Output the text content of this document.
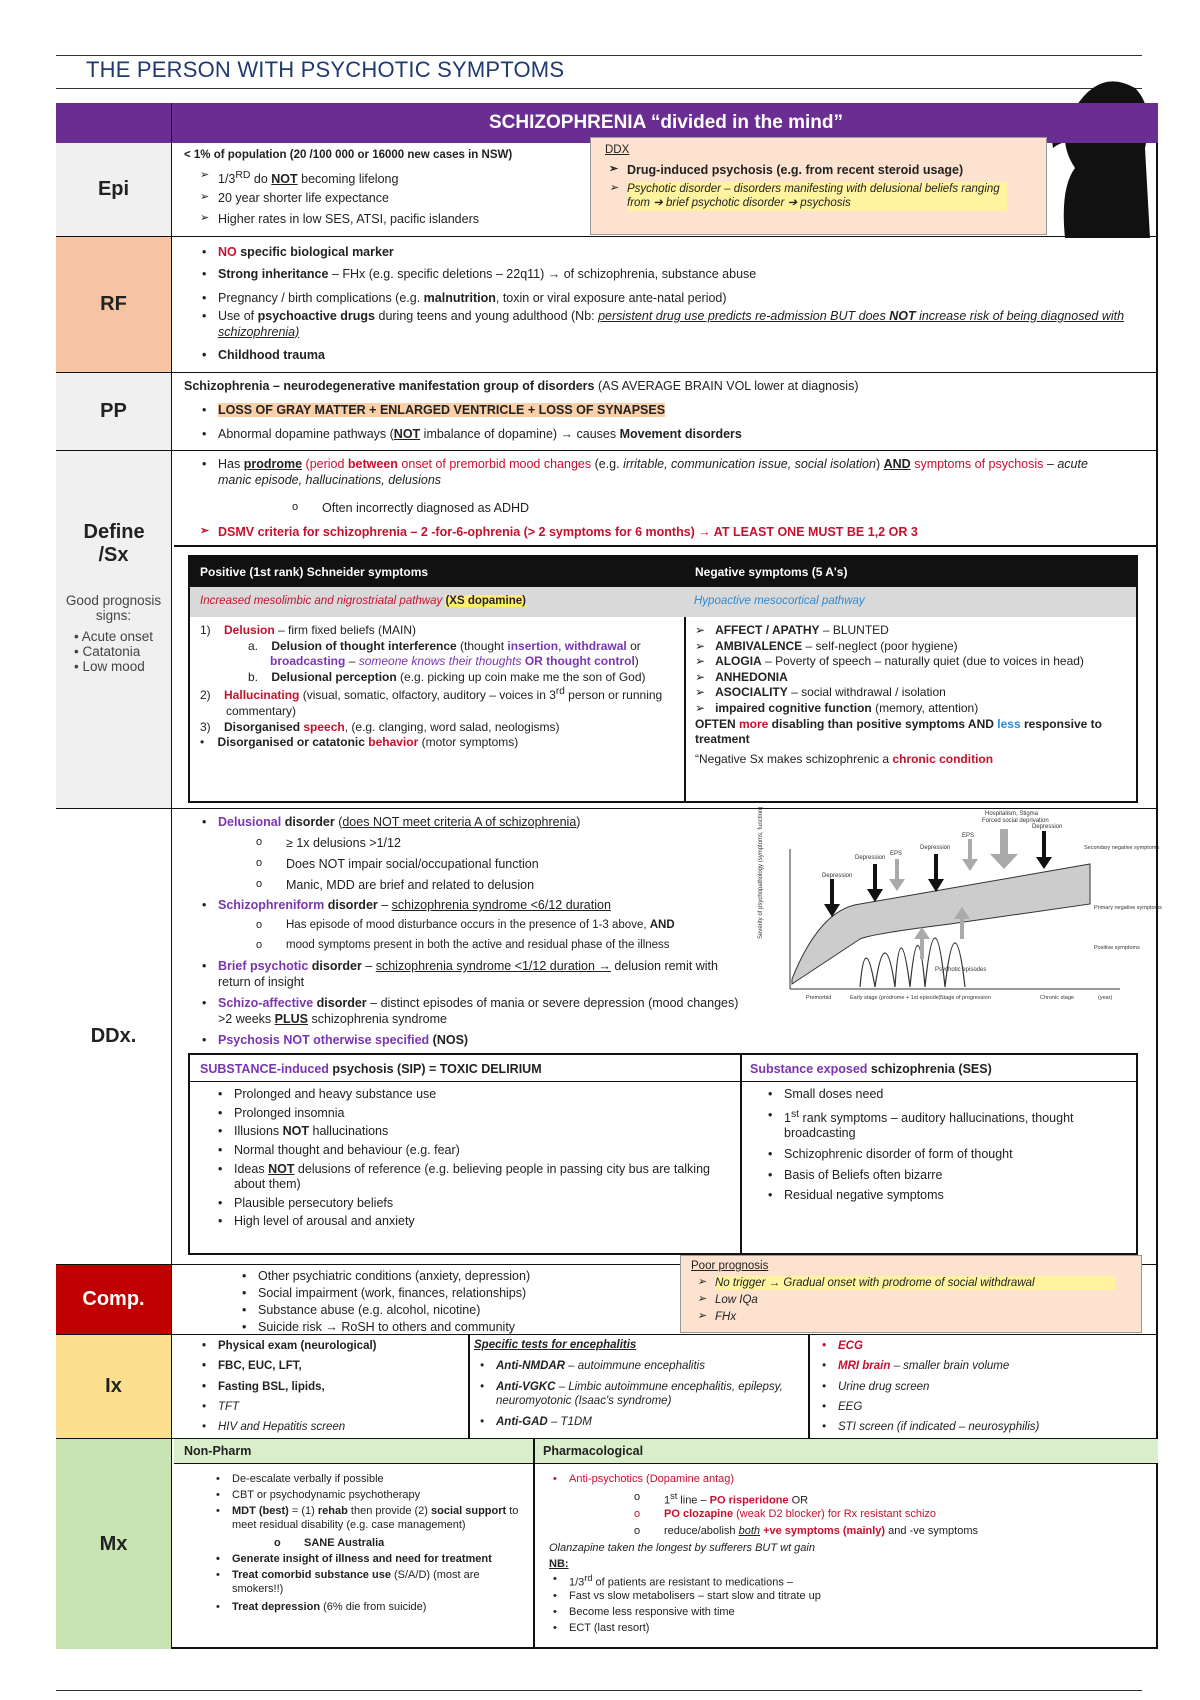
THE PERSON WITH PSYCHOTIC SYMPTOMS
SCHIZOPHRENIA “divided in the mind”
Epi
< 1% of population (20 /100 000 or 16000 new cases in NSW)
➢ 1/3RD do NOT becoming lifelong
➢ 20 year shorter life expectance
➢ Higher rates in low SES, ATSI, pacific islanders
DDX
➢ Drug-induced psychosis (e.g. from recent steroid usage)
➢ Psychotic disorder – disorders manifesting with delusional beliefs ranging from ➔ brief psychotic disorder ➔ psychosis
RF
• NO specific biological marker
• Strong inheritance – FHx (e.g. specific deletions – 22q11) → of schizophrenia, substance abuse
• Pregnancy / birth complications (e.g. malnutrition, toxin or viral exposure ante-natal period)
• Use of psychoactive drugs during teens and young adulthood (Nb: persistent drug use predicts re-admission BUT does NOT increase risk of being diagnosed with schizophrenia)
• Childhood trauma
PP
Schizophrenia – neurodegenerative manifestation group of disorders (AS AVERAGE BRAIN VOL lower at diagnosis)
• LOSS OF GRAY MATTER + ENLARGED VENTRICLE + LOSS OF SYNAPSES
• Abnormal dopamine pathways (NOT imbalance of dopamine) → causes Movement disorders
Define /Sx
Good prognosis signs:
• Acute onset
• Catatonia
• Low mood
• Has prodrome (period between onset of premorbid mood changes (e.g. irritable, communication issue, social isolation) AND symptoms of psychosis – acute manic episode, hallucinations, delusions
o Often incorrectly diagnosed as ADHD
➢ DSMV criteria for schizophrenia – 2 -for-6-ophrenia (> 2 symptoms for 6 months) → AT LEAST ONE MUST BE 1,2 OR 3
Positive (1st rank) Schneider symptoms	Negative symptoms (5 A's)
Increased mesolimbic and nigrostriatal pathway (XS dopamine)	Hypoactive mesocortical pathway
1)    Delusion – firm fixed beliefs (MAIN)
a.    Delusion of thought interference (thought insertion, withdrawal or broadcasting – someone knows their thoughts OR thought control)
b.    Delusional perception (e.g. picking up coin make me the son of God)
2)    Hallucinating (visual, somatic, olfactory, auditory – voices in 3rd person or running commentary)
3)    Disorganised speech, (e.g. clanging, word salad, neologisms)
•    Disorganised or catatonic behavior (motor symptoms)
➢   AFFECT / APATHY – BLUNTED
➢   AMBIVALENCE – self-neglect (poor hygiene)
➢   ALOGIA – Poverty of speech – naturally quiet (due to voices in head)
➢   ANHEDONIA
➢   ASOCIALITY – social withdrawal / isolation
➢   impaired cognitive function (memory, attention)
OFTEN more disabling than positive symptoms AND less responsive to treatment
“Negative Sx makes schizophrenic a chronic condition
DDx.
• Delusional disorder (does NOT meet criteria A of schizophrenia)
o ≥ 1x delusions >1/12
o Does NOT impair social/occupational function
o Manic, MDD are brief and related to delusion
• Schizophreniform disorder – schizophrenia syndrome <6/12 duration
o Has episode of mood disturbance occurs in the presence of 1-3 above, AND
o mood symptoms present in both the active and residual phase of the illness
• Brief psychotic disorder – schizophrenia syndrome <1/12 duration → delusion remit with return of insight
• Schizo-affective disorder – distinct episodes of mania or severe depression (mood changes) >2 weeks PLUS schizophrenia syndrome
• Psychosis NOT otherwise specified (NOS)
Severity of psychopathology (symptoms, function)	Depression
Depression
EPS
Depression
EPS
Hospitalism, Stigma
Forced social deprivation
Depression
Secondary negative symptoms
Primary negative symptoms
Positive symptoms
Psychotic episodes
Premorbid	Early stage (prodrome + 1st episode) Stage of progression	Chronic stage	(year)
SUBSTANCE-induced psychosis (SIP) = TOXIC DELIRIUM	Substance exposed schizophrenia (SES)
• Prolonged and heavy substance use
• Prolonged insomnia
• Illusions NOT hallucinations
• Normal thought and behaviour (e.g. fear)
• Ideas NOT delusions of reference (e.g. believing people in passing city bus are talking about them)
• Plausible persecutory beliefs
• High level of arousal and anxiety
• Small doses need
• 1st rank symptoms – auditory hallucinations, thought broadcasting
• Schizophrenic disorder of form of thought
• Basis of Beliefs often bizarre
• Residual negative symptoms
Comp.
• Other psychiatric conditions (anxiety, depression)
• Social impairment (work, finances, relationships)
• Substance abuse (e.g. alcohol, nicotine)
• Suicide risk → RoSH to others and community
Poor prognosis
➢ No trigger → Gradual onset with prodrome of social withdrawal
➢ Low IQa
➢ FHx
Ix
• Physical exam (neurological)
• FBC, EUC, LFT,
• Fasting BSL, lipids,
• TFT
• HIV and Hepatitis screen
Specific tests for encephalitis
• Anti-NMDAR – autoimmune encephalitis
• Anti-VGKC – Limbic autoimmune encephalitis, epilepsy, neuromyotonic (Isaac's syndrome)
• Anti-GAD – T1DM
• ECG
• MRI brain – smaller brain volume
• Urine drug screen
• EEG
• STI screen (if indicated – neurosyphilis)
Mx
Non-Pharm	Pharmacological
• De-escalate verbally if possible
• CBT or psychodynamic psychotherapy
• MDT (best) = (1) rehab then provide (2) social support to meet residual disability (e.g. case management)
o SANE Australia
• Generate insight of illness and need for treatment
• Treat comorbid substance use (S/A/D) (most are smokers!!)
• Treat depression (6% die from suicide)
• Anti-psychotics (Dopamine antag)
o 1st line – PO risperidone OR
o PO clozapine (weak D2 blocker) for Rx resistant schizo
o reduce/abolish both +ve symptoms (mainly) and -ve symptoms
Olanzapine taken the longest by sufferers BUT wt gain
NB:
• 1/3rd of patients are resistant to medications –
• Fast vs slow metabolisers – start slow and titrate up
• Become less responsive with time
• ECT (last resort)
